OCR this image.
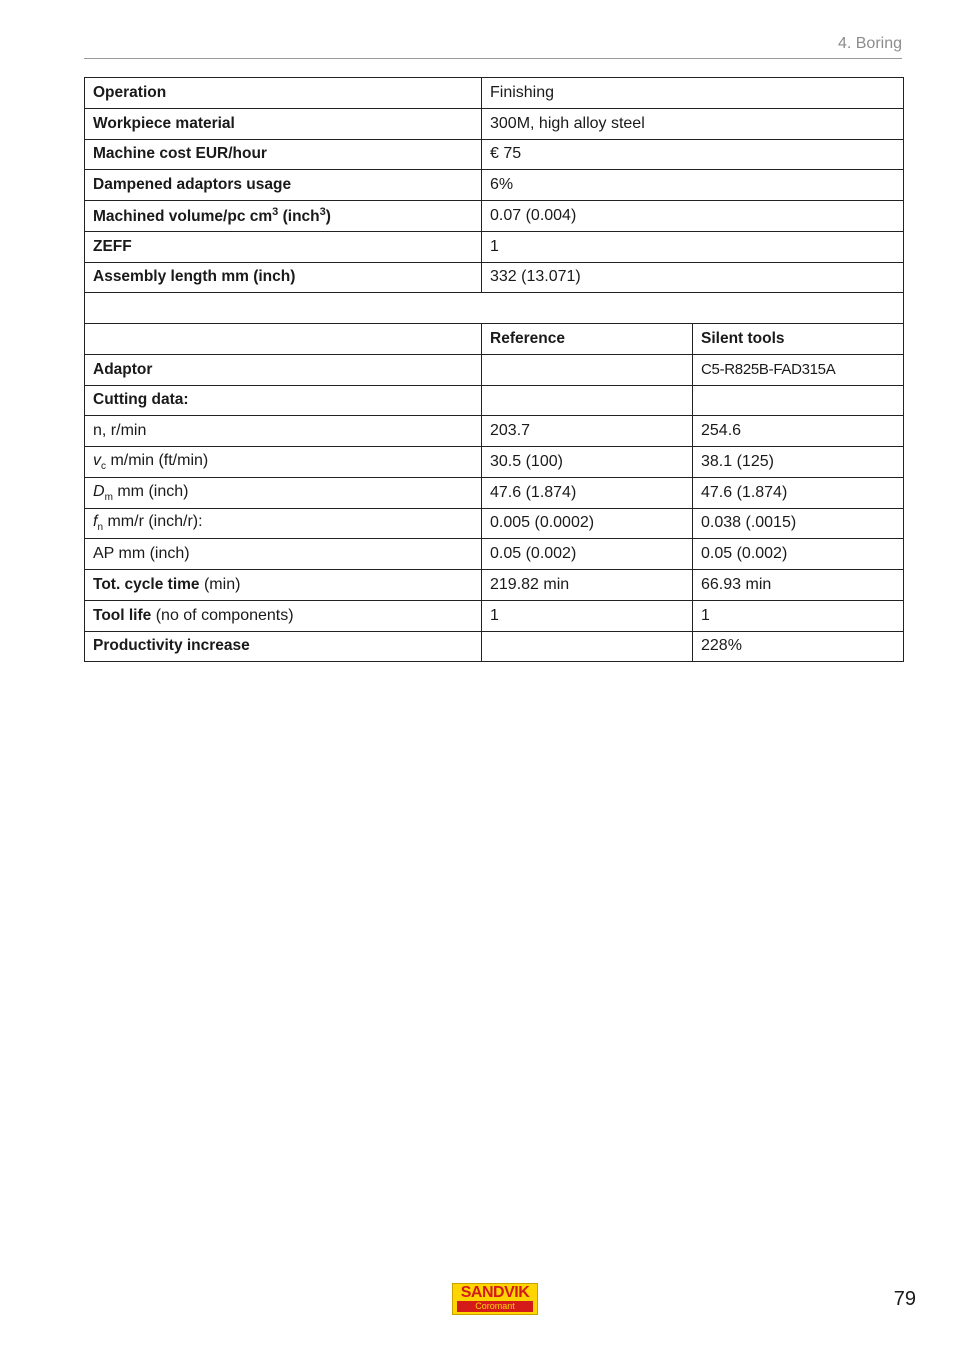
4. Boring
Operation	Finishing	
Workpiece material	300M, high alloy steel	
Machine cost EUR/hour	€ 75	
Dampened adaptors usage	6%	
Machined volume/pc $cm^3$ (inch$^3$)	0.07 (0.004)	
ZEFF	1	
Assembly length mm (inch)	332 (13.071)	

	Reference	Silent tools
Adaptor		C5-R825B-FAD315A
Cutting data:		
n, r/min	203.7	254.6
$v_c$ m/min (ft/min)	30.5 (100)	38.1 (125)
$D_m$ mm (inch)	47.6 (1.874)	47.6 (1.874)
$f_n$ mm/r (inch/r):	0.005 (0.0002)	0.038 (.0015)
AP mm (inch)	0.05 (0.002)	0.05 (0.002)
Tot. cycle time (min)	219.82 min	66.93 min
Tool life (no of components)	1	1
Productivity increase		228%
SANDVIK
Coromant	79
